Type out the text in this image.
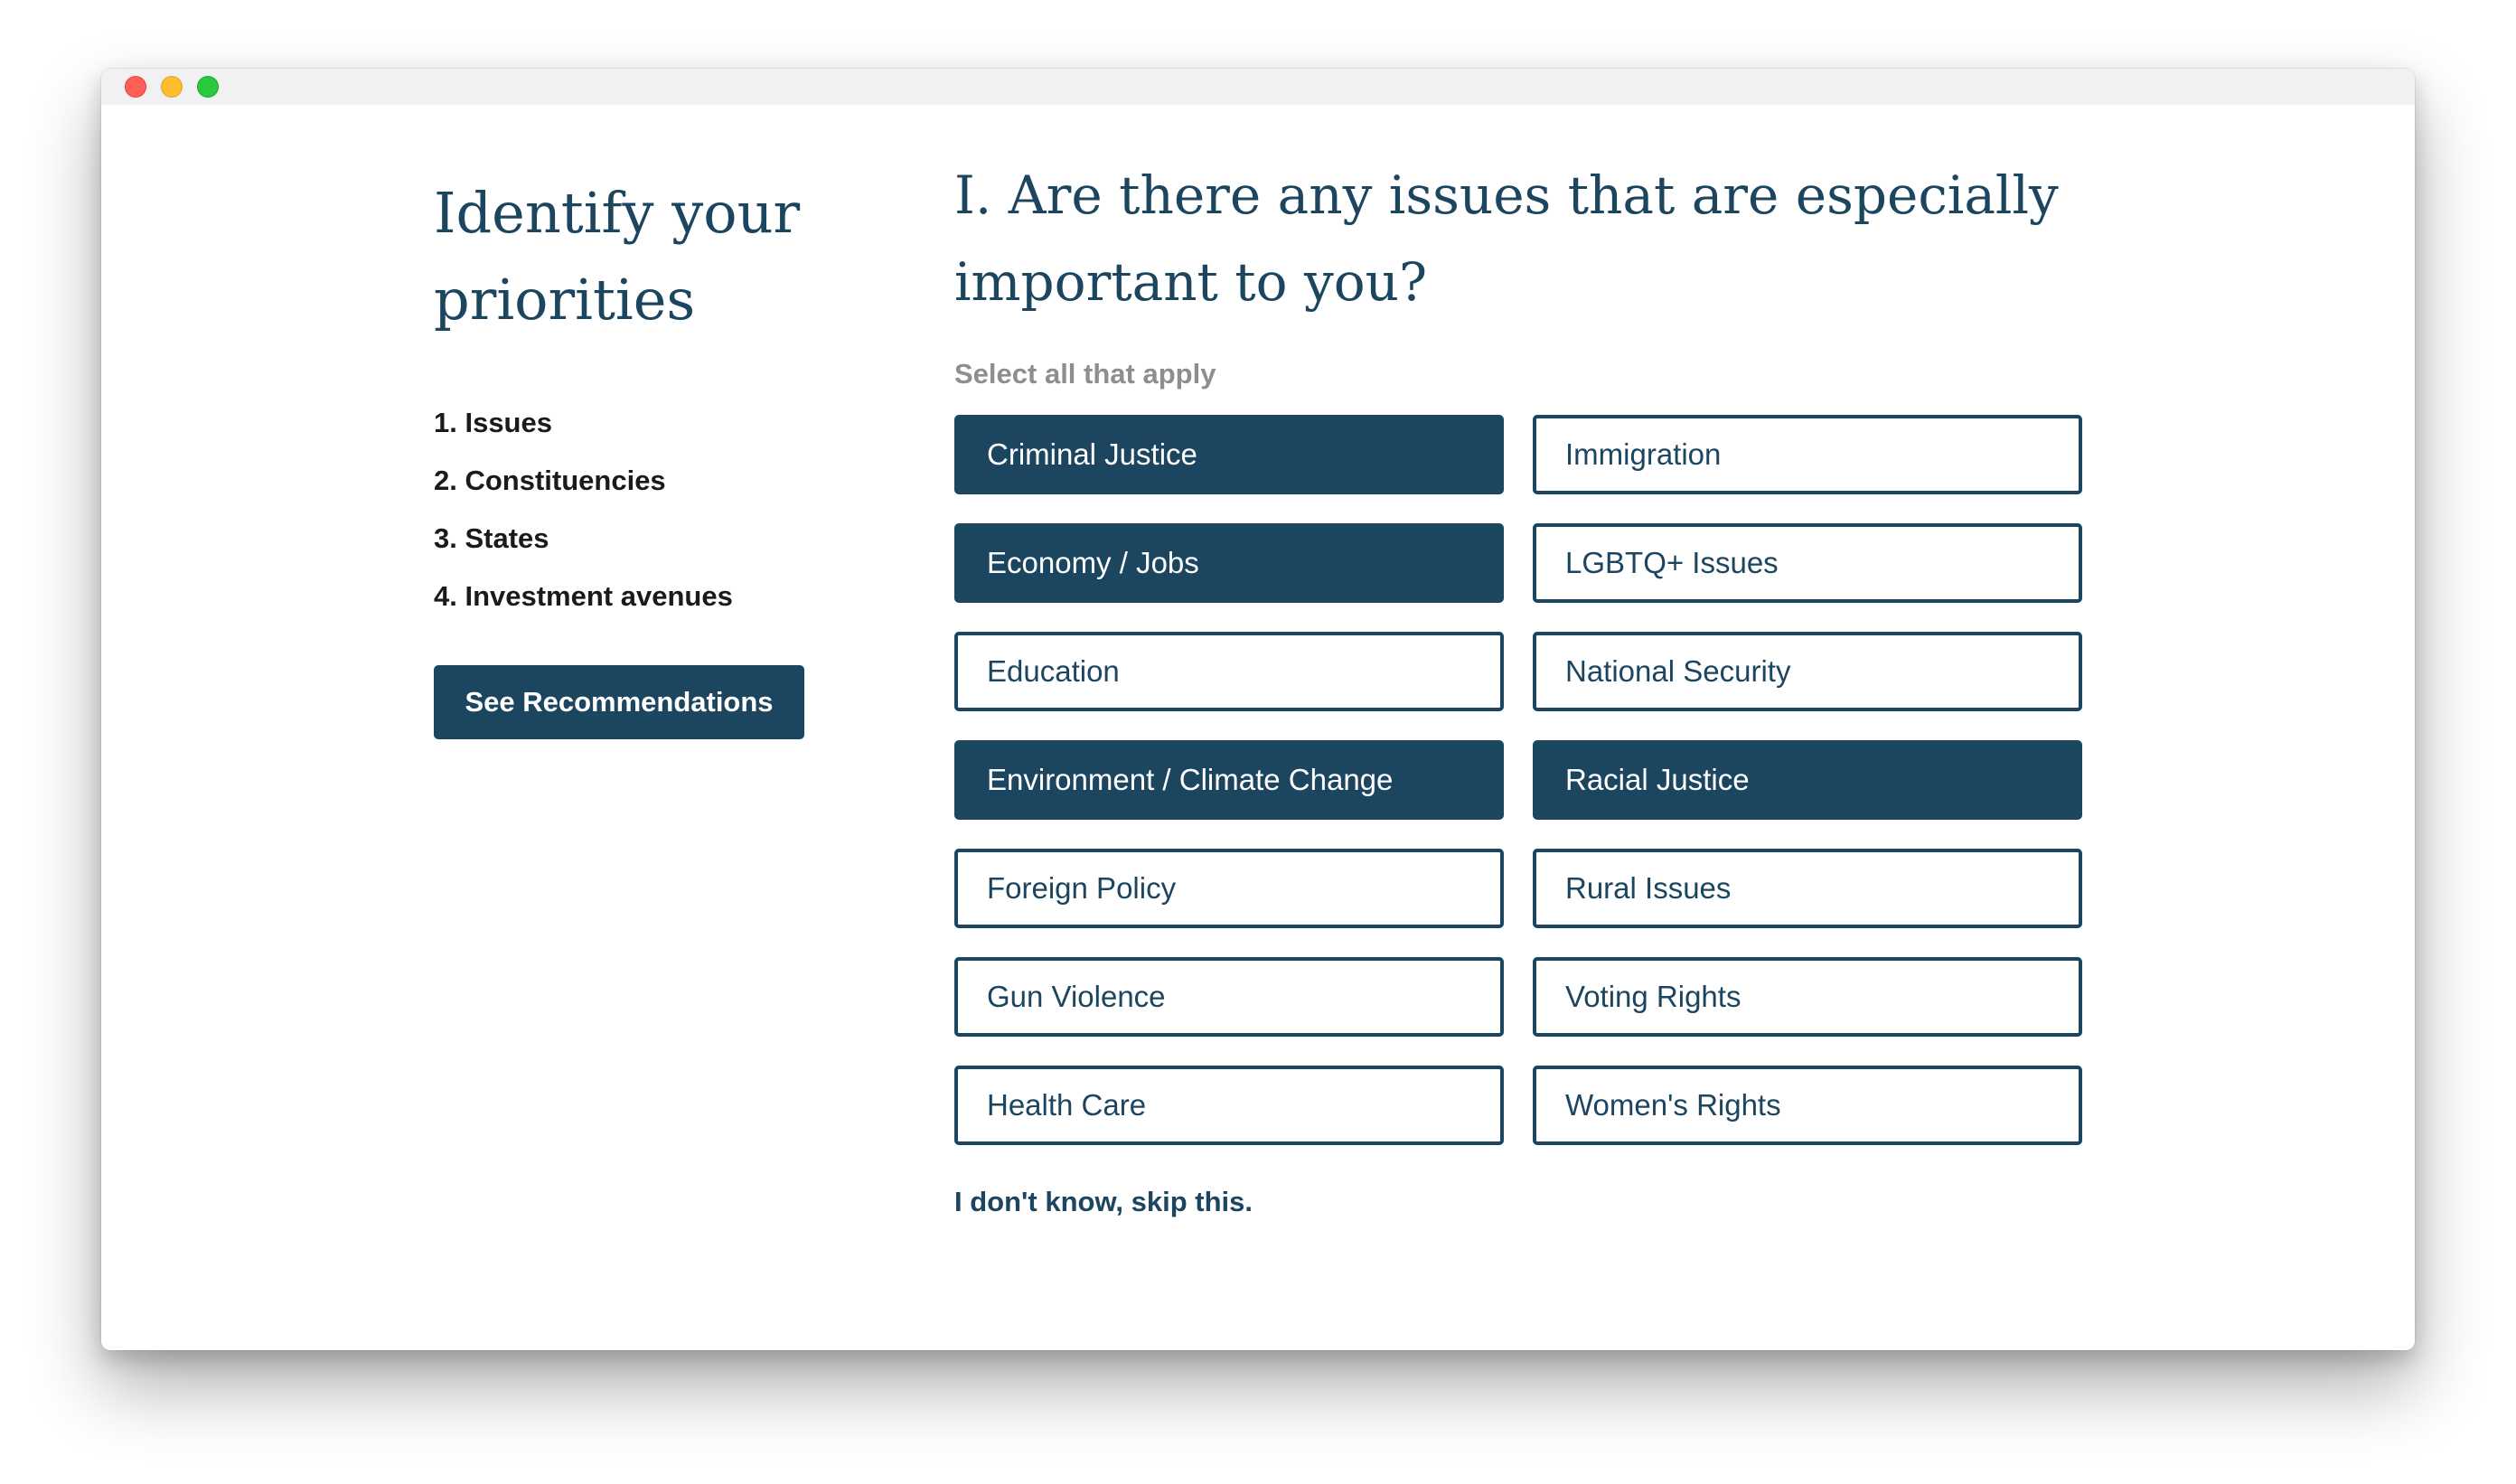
Identify your priorities
1. Issues
2. Constituencies
3. States
4. Investment avenues
See Recommendations
I. Are there any issues that are especially important to you?
Select all that apply
Criminal Justice	Immigration
Economy / Jobs	LGBTQ+ Issues
Education	National Security
Environment / Climate Change	Racial Justice
Foreign Policy	Rural Issues
Gun Violence	Voting Rights
Health Care	Women's Rights
I don't know, skip this.
